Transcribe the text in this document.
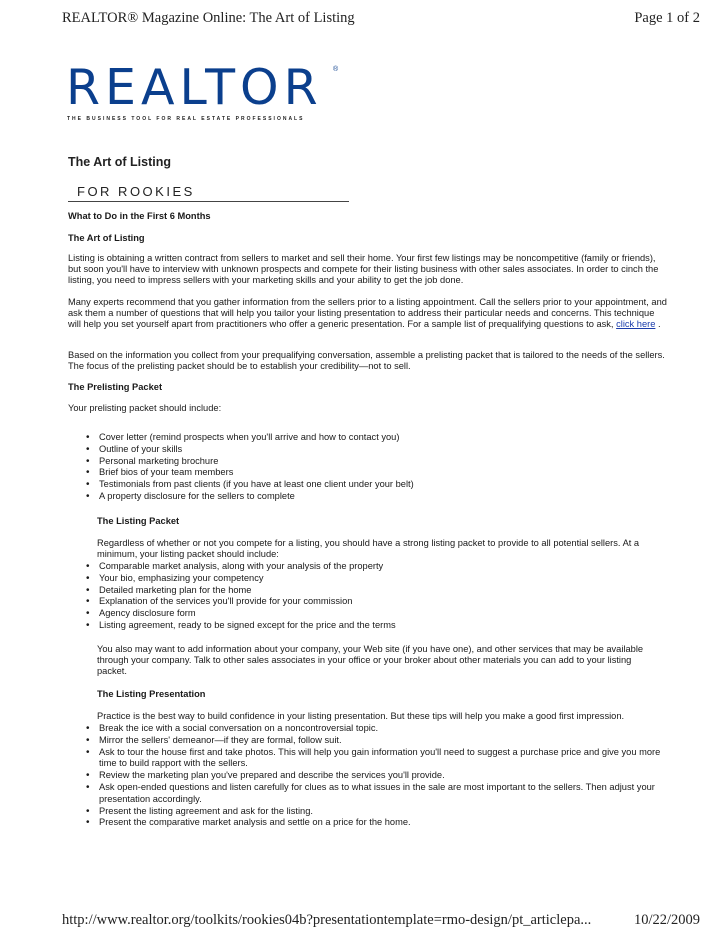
REALTOR® Magazine Online: The Art of Listing	Page 1 of 2
REALTOR	®
THE BUSINESS TOOL FOR REAL ESTATE PROFESSIONALS
The Art of Listing
FOR ROOKIES
What to Do in the First 6 Months
The Art of Listing
Listing is obtaining a written contract from sellers to market and sell their home. Your first few listings may be noncompetitive (family or friends), but soon you'll have to interview with unknown prospects and compete for their listing business with other sales associates. In order to cinch the listing, you need to impress sellers with your marketing skills and your ability to get the job done.
Many experts recommend that you gather information from the sellers prior to a listing appointment. Call the sellers prior to your appointment, and ask them a number of questions that will help you tailor your listing presentation to address their particular needs and concerns. This technique will help you set yourself apart from practitioners who offer a generic presentation. For a sample list of prequalifying questions to ask, click here .
Based on the information you collect from your prequalifying conversation, assemble a prelisting packet that is tailored to the needs of the sellers. The focus of the prelisting packet should be to establish your credibility—not to sell.
The Prelisting Packet
Your prelisting packet should include:
• Cover letter (remind prospects when you'll arrive and how to contact you)
• Outline of your skills
• Personal marketing brochure
• Brief bios of your team members
• Testimonials from past clients (if you have at least one client under your belt)
• A property disclosure for the sellers to complete
The Listing Packet
Regardless of whether or not you compete for a listing, you should have a strong listing packet to provide to all potential sellers. At a minimum, your listing packet should include:
• Comparable market analysis, along with your analysis of the property
• Your bio, emphasizing your competency
• Detailed marketing plan for the home
• Explanation of the services you'll provide for your commission
• Agency disclosure form
• Listing agreement, ready to be signed except for the price and the terms
You also may want to add information about your company, your Web site (if you have one), and other services that may be available through your company. Talk to other sales associates in your office or your broker about other materials you can add to your listing packet.
The Listing Presentation
Practice is the best way to build confidence in your listing presentation. But these tips will help you make a good first impression.
• Break the ice with a social conversation on a noncontroversial topic.
• Mirror the sellers' demeanor—if they are formal, follow suit.
• Ask to tour the house first and take photos. This will help you gain information you'll need to suggest a purchase price and give you more time to build rapport with the sellers.
• Review the marketing plan you've prepared and describe the services you'll provide.
• Ask open-ended questions and listen carefully for clues as to what issues in the sale are most important to the sellers. Then adjust your presentation accordingly.
• Present the listing agreement and ask for the listing.
• Present the comparative market analysis and settle on a price for the home.
http://www.realtor.org/toolkits/rookies04b?presentationtemplate=rmo-design/pt_articlepa...	10/22/2009
